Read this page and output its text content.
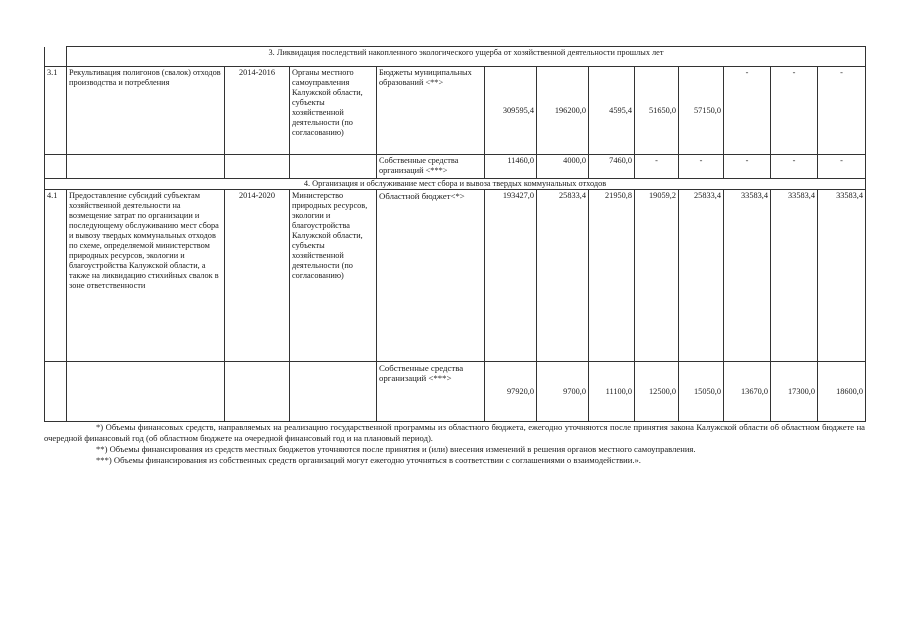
	3. Ликвидация последствий накопленного экологического ущерба от хозяйственной деятельности прошлых лет											
3.1	Рекультивация полигонов (свалок) отходов производства и потребления	2014-2016	Органы местного самоуправления Калужской области, субъекты хозяйственной деятельности (по согласованию)	Бюджеты муниципальных образований <**>	309595,4	196200,0	4595,4	51650,0	57150,0	-	-	-
				Собственные средства организаций <***>	11460,0	4000,0	7460,0	-	-	-	-	-
4. Организация и обслуживание мест сбора и вывоза твердых коммунальных отходов												
4.1	Предоставление субсидий субъектам хозяйственной деятельности на возмещение затрат по организации и последующему обслуживанию мест сбора и вывозу твердых коммунальных отходов по схеме, определяемой министерством природных ресурсов, экологии и благоустройства Калужской области, а также на ликвидацию стихийных свалок в зоне ответственности	2014-2020	Министерство природных ресурсов, экологии и благоустройства Калужской области, субъекты хозяйственной деятельности (по согласованию)	Областной бюджет<*>	193427,0	25833,4	21950,8	19059,2	25833,4	33583,4	33583,4	33583,4
				Собственные средства организаций <***>	97920,0	9700,0	11100,0	12500,0	15050,0	13670,0	17300,0	18600,0

*) Объемы финансовых средств, направляемых на реализацию государственной программы из областного бюджета, ежегодно уточняются после принятия закона Калужской области об областном бюджете на очередной финансовый год (об областном бюджете на очередной финансовый год и на плановый период).

**) Объемы финансирования из средств местных бюджетов уточняются после принятия и (или) внесения изменений в решения органов местного самоуправления.

***) Объемы финансирования из собственных средств организаций могут ежегодно уточняться в соответствии с соглашениями о взаимодействии.».
